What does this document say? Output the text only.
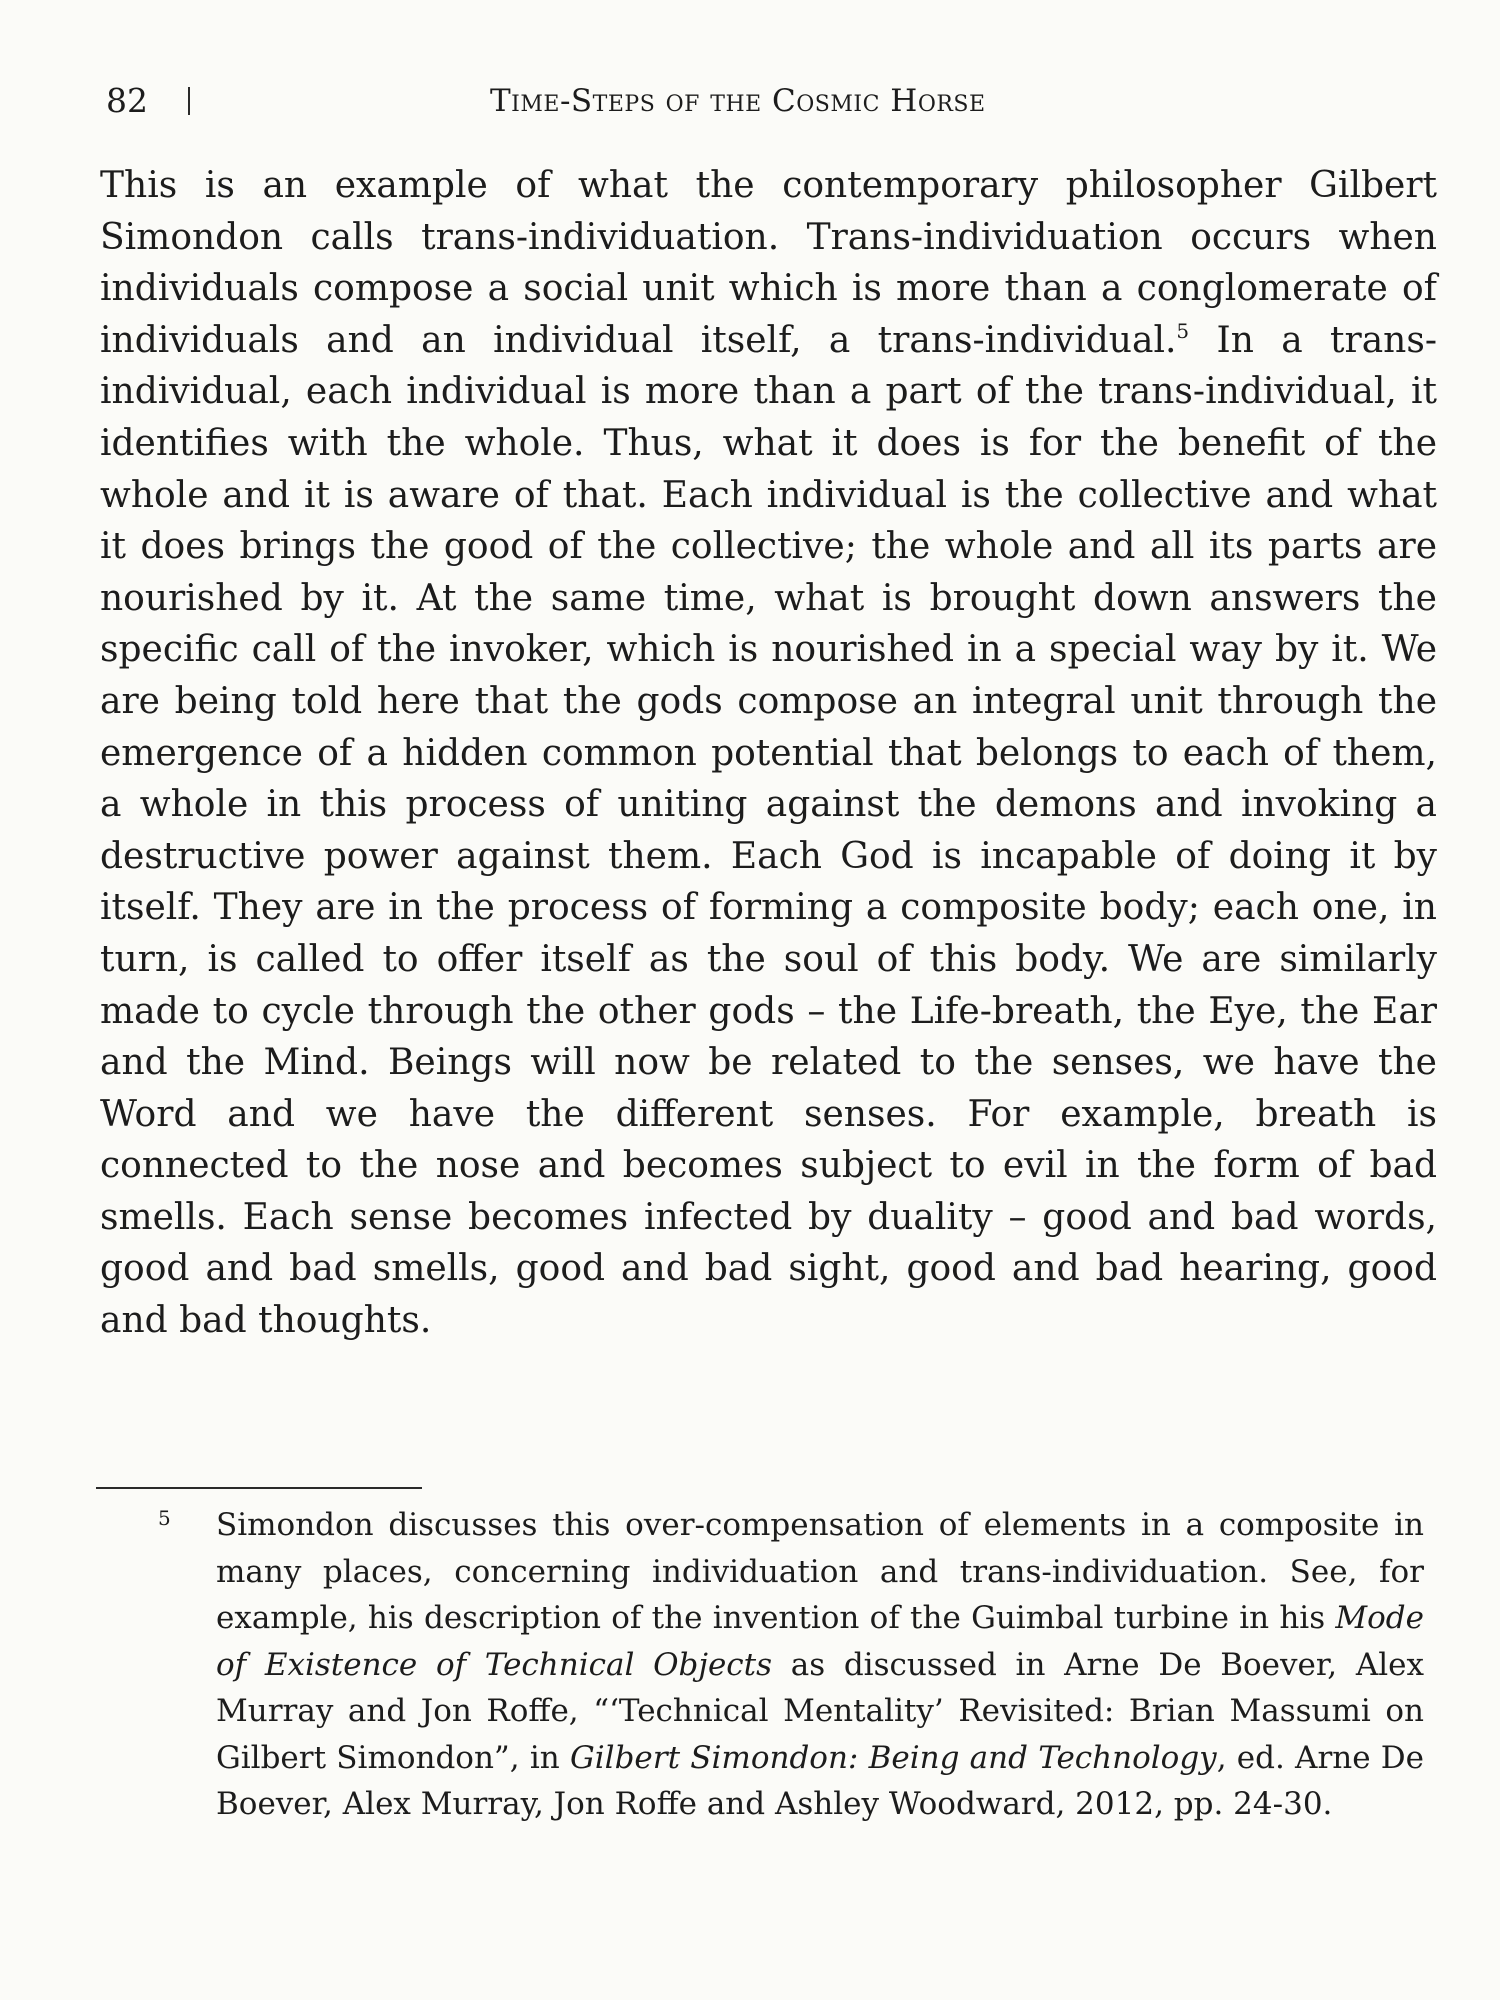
82	Time-Steps of the Cosmic Horse

This is an example of what the contemporary philosopher Gilbert Simondon calls trans-individuation. Trans-individuation occurs when individuals compose a social unit which is more than a conglomerate of individuals and an individual itself, a trans-individual.$^5$ In a trans-individual, each individual is more than a part of the trans-individual, it identifies with the whole. Thus, what it does is for the benefit of the whole and it is aware of that. Each individual is the collective and what it does brings the good of the collective; the whole and all its parts are nourished by it. At the same time, what is brought down answers the specific call of the invoker, which is nourished in a special way by it. We are being told here that the gods compose an integral unit through the emergence of a hidden common potential that belongs to each of them, a whole in this process of uniting against the demons and invoking a destructive power against them. Each God is incapable of doing it by itself. They are in the process of forming a composite body; each one, in turn, is called to offer itself as the soul of this body. We are similarly made to cycle through the other gods – the Life-breath, the Eye, the Ear and the Mind. Beings will now be related to the senses, we have the Word and we have the different senses. For example, breath is connected to the nose and becomes subject to evil in the form of bad smells. Each sense becomes infected by duality – good and bad words, good and bad smells, good and bad sight, good and bad hearing, good and bad thoughts.

5 Simondon discusses this over-compensation of elements in a composite in many places, concerning individuation and trans-individuation. See, for example, his description of the invention of the Guimbal turbine in his Mode of Existence of Technical Objects as discussed in Arne De Boever, Alex Murray and Jon Roffe, “‘Technical Mentality’ Revisited: Brian Massumi on Gilbert Simondon”, in Gilbert Simondon: Being and Technology, ed. Arne De Boever, Alex Murray, Jon Roffe and Ashley Woodward, 2012, pp. 24-30.
